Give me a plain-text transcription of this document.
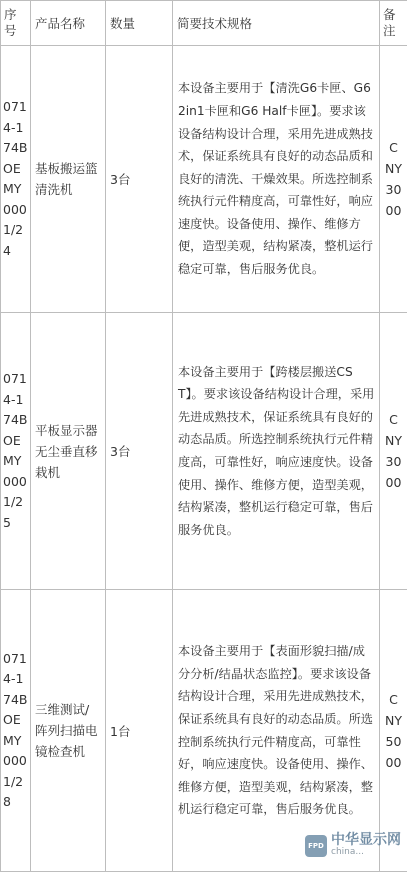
序号	产品名称	数量	简要技术规格	备注
0714-174BOEMY0001/24	基板搬运篮清洗机	3台	本设备主要用于【清洗G6卡匣、G6 2in1卡匣和G6 Half卡匣】。要求该设备结构设计合理，采用先进成熟技术，保证系统具有良好的动态品质和良好的清洗、干燥效果。所选控制系统执行元件精度高，可靠性好，响应速度快。设备使用、操作、维修方便，造型美观，结构紧凑，整机运行稳定可靠，售后服务优良。	CNY3000
0714-174BOEMY0001/25	平板显示器无尘垂直移栽机	3台	本设备主要用于【跨楼层搬送CST】。要求该设备结构设计合理，采用先进成熟技术，保证系统具有良好的动态品质。所选控制系统执行元件精度高，可靠性好，响应速度快。设备使用、操作、维修方便，造型美观，结构紧凑，整机运行稳定可靠，售后服务优良。	CNY3000
0714-174BOEMY0001/28	三维测试/阵列扫描电镜检查机	1台	本设备主要用于【表面形貌扫描/成分分析/结晶状态监控】。要求该设备结构设计合理，采用先进成熟技术，保证系统具有良好的动态品质。所选控制系统执行元件精度高，可靠性好，响应速度快。设备使用、操作、维修方便，造型美观，结构紧凑，整机运行稳定可靠，售后服务优良。	CNY5000
FPD 中华显示网
china...
